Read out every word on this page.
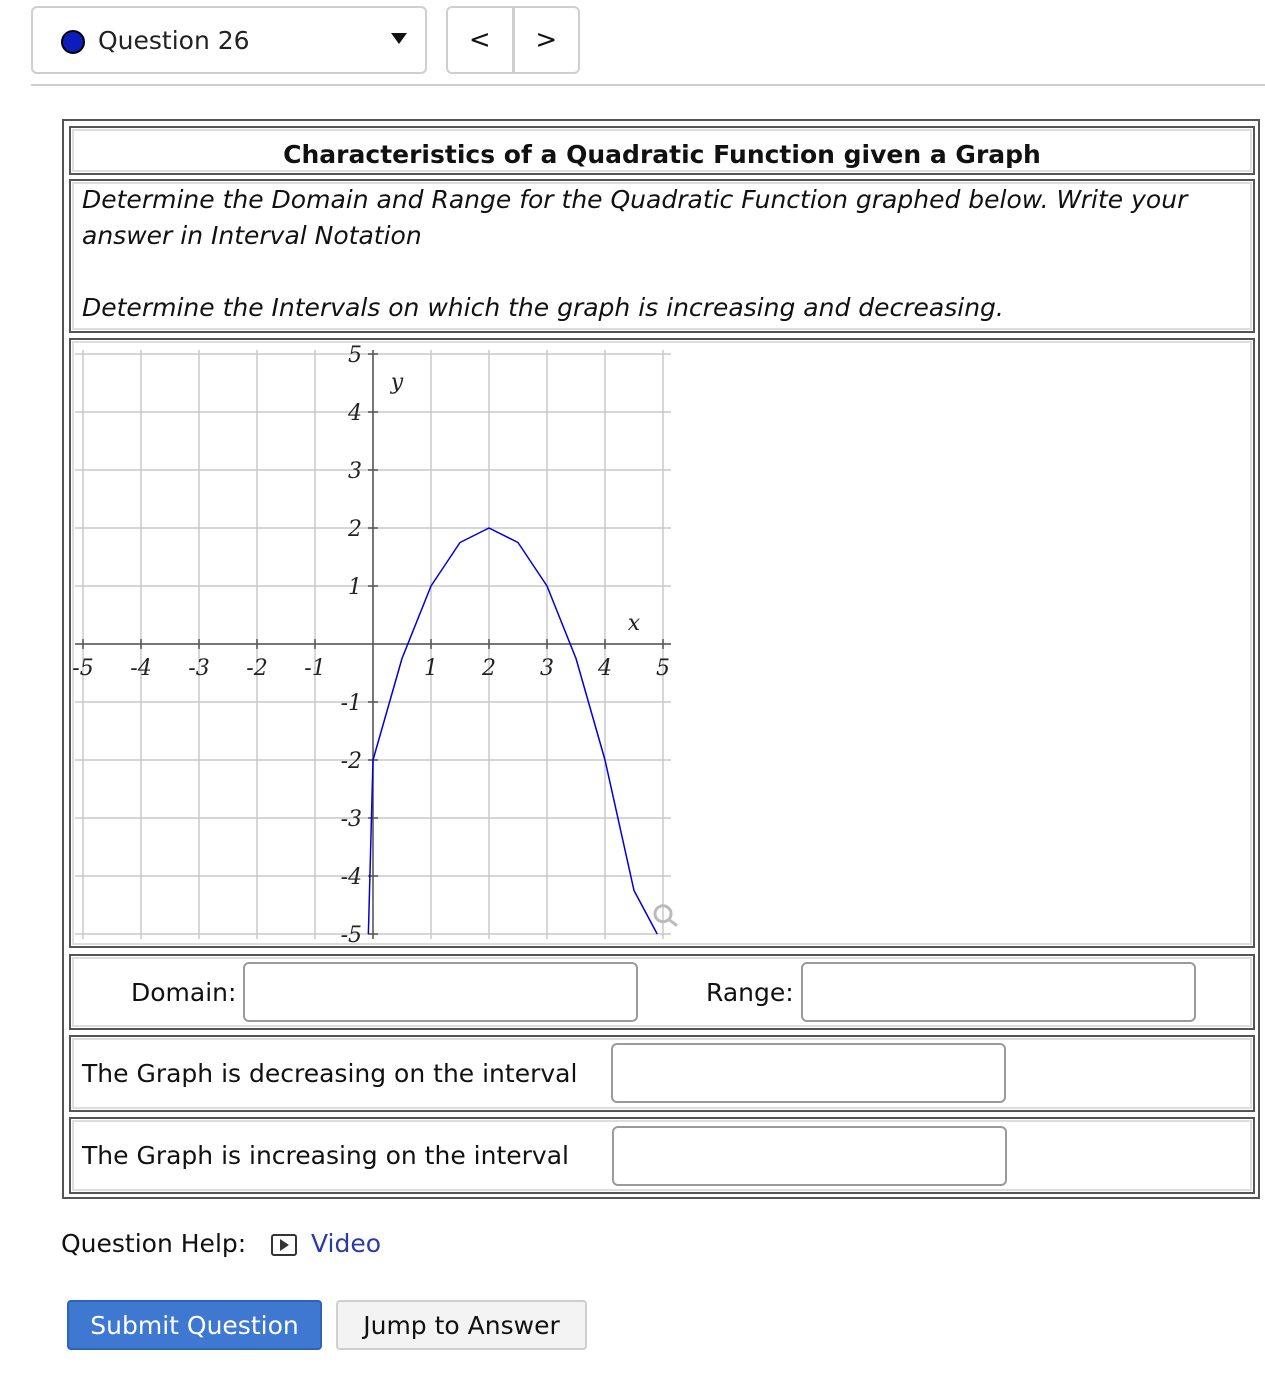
Question 26	<	>
Characteristics of a Quadratic Function given a Graph
Determine the Domain and Range for the Quadratic Function graphed below. Write your
answer in Interval Notation
Determine the Intervals on which the graph is increasing and decreasing.
-5 -4 -3 -2 -1	1 2 3 4 5
5
4
3
2
1
-1
-2
-3
-4
-5
x
y
Domain:	Range:
The Graph is decreasing on the interval
The Graph is increasing on the interval
Question Help:	Video
Submit Question	Jump to Answer
